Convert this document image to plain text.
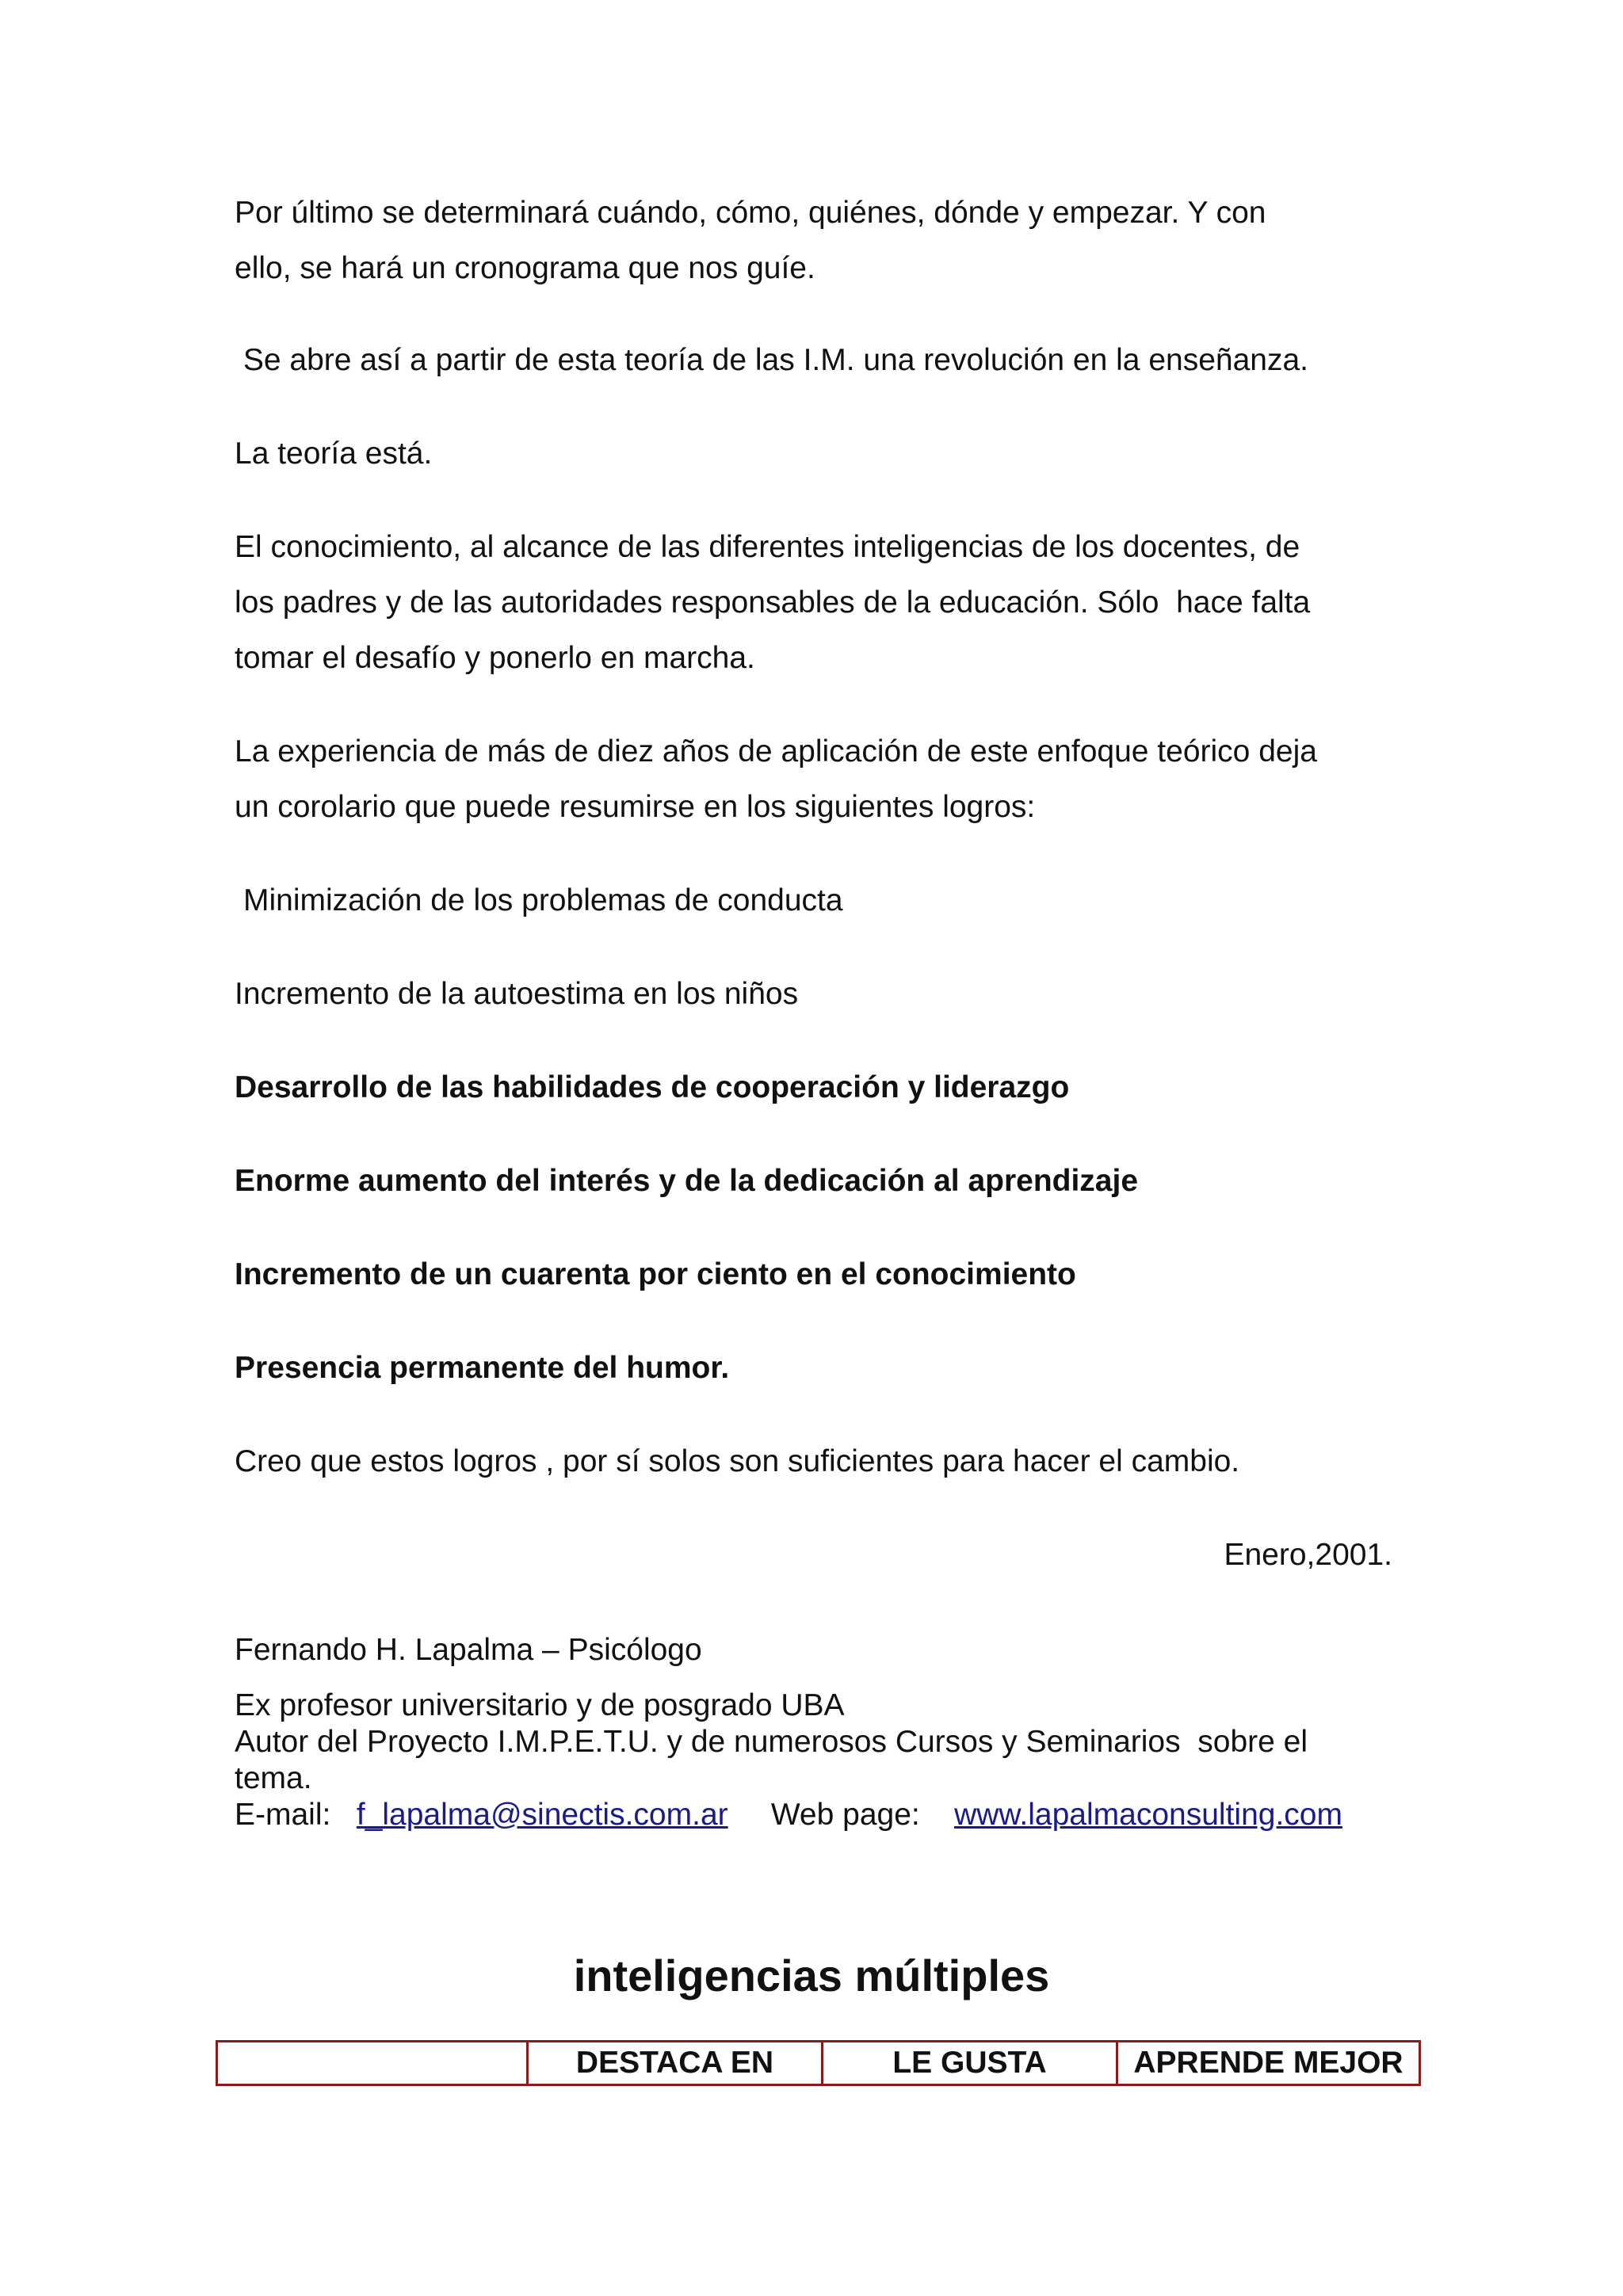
Por último se determinará cuándo, cómo, quiénes, dónde y empezar. Y con

ello, se hará un cronograma que nos guíe.

Se abre así a partir de esta teoría de las I.M. una revolución en la enseñanza.

La teoría está.

El conocimiento, al alcance de las diferentes inteligencias de los docentes, de

los padres y de las autoridades responsables de la educación. Sólo  hace falta

tomar el desafío y ponerlo en marcha.

La experiencia de más de diez años de aplicación de este enfoque teórico deja

un corolario que puede resumirse en los siguientes logros:

Minimización de los problemas de conducta

Incremento de la autoestima en los niños

Desarrollo de las habilidades de cooperación y liderazgo

Enorme aumento del interés y de la dedicación al aprendizaje

Incremento de un cuarenta por ciento en el conocimiento

Presencia permanente del humor.

Creo que estos logros , por sí solos son suficientes para hacer el cambio.

Enero,2001.

Fernando H. Lapalma – Psicólogo

Ex profesor universitario y de posgrado UBA

Autor del Proyecto I.M.P.E.T.U. y de numerosos Cursos y Seminarios  sobre el

tema.

E-mail: f_lapalma@sinectis.com.ar Web page: www.lapalmaconsulting.com

inteligencias múltiples
	DESTACA EN	LE GUSTA	APRENDE MEJOR
